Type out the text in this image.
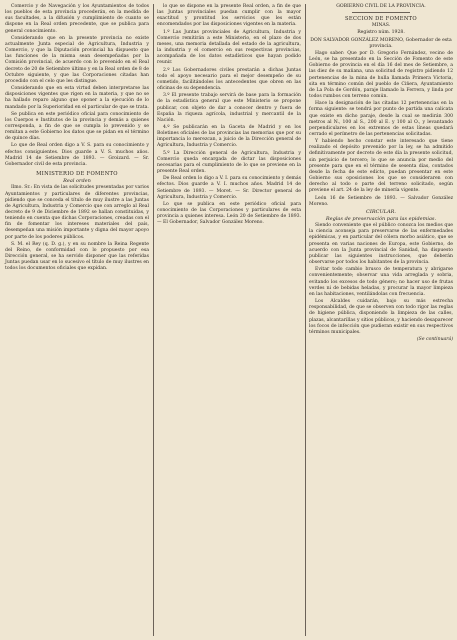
Comercio y de Navegación y los Ayuntamientos de todos los pueblos de esta provincia procederán, en la medida de sus facultades, a la difusión y cumplimiento de cuanto se dispone en la Real orden precedente, que se publica para general conocimiento.

Considerando que en la presente provincia no existe actualmente Junta especial de Agricultura, Industria y Comercio, y que la Diputación provincial ha dispuesto que las funciones de la misma sean desempeñadas por la Comisión provincial, de acuerdo con lo prevenido en el Real decreto de 20 de Setiembre último y en la Real orden de 8 de Octubre siguiente, y que las Corporaciones citadas han procedido con el celo que les distingue.

Considerando que en esta virtud deben interpretarse las disposiciones vigentes que rigen en la materia, y que no se ha hallado reparo alguno que oponer a la ejecución de lo mandado por la Superioridad en el particular de que se trata.

Se publica en este periódico oficial para conocimiento de los Cuerpos e Institutos de la provincia y demás a quienes corresponda, a fin de que se cumpla lo prevenido y se remitan a este Gobierno los datos que se pidan en el término de quince días.

Lo que de Real orden digo a V. S. para su conocimiento y efectos consiguientes. Dios guarde a V. S. muchos años. Madrid 14 de Setiembre de 1893. — Groizard. — Sr. Gobernador civil de esta provincia.

MINISTERIO DE FOMENTO

Real orden

Ilmo. Sr.: En vista de las solicitudes presentadas por varios Ayuntamientos y particulares de diferentes provincias, pidiendo que se conceda el título de muy ilustre a las Juntas de Agricultura, Industria y Comercio que con arreglo al Real decreto de 9 de Diciembre de 1892 se hallan constituidas, y teniendo en cuenta que dichas Corporaciones, creadas con el fin de fomentar los intereses materiales del país, desempeñan una misión importante y digna del mayor apoyo por parte de los poderes públicos.

S. M. el Rey (q. D. g.), y en su nombre la Reina Regente del Reino, de conformidad con lo propuesto por esa Dirección general, se ha servido disponer que las referidas Juntas puedan usar en lo sucesivo el título de muy ilustres en todos los documentos oficiales que expidan.

lo que se dispone en la presente Real orden, a fin de que las Juntas provinciales puedan cumplir con la mayor exactitud y prontitud los servicios que les están encomendados por las disposiciones vigentes en la materia.

1.º Las Juntas provinciales de Agricultura, Industria y Comercio remitirán a este Ministerio, en el plazo de dos meses, una memoria detallada del estado de la agricultura, la industria y el comercio en sus respectivas provincias, acompañada de los datos estadísticos que hayan podido reunir.

2.º Los Gobernadores civiles prestarán a dichas Juntas todo el apoyo necesario para el mejor desempeño de su cometido, facilitándoles los antecedentes que obren en las oficinas de su dependencia.

3.º El presente trabajo servirá de base para la formación de la estadística general que este Ministerio se propone publicar, con objeto de dar a conocer dentro y fuera de España la riqueza agrícola, industrial y mercantil de la Nación.

4.º Se publicarán en la Gaceta de Madrid y en los Boletines oficiales de las provincias las memorias que por su importancia lo merezcan, a juicio de la Dirección general de Agricultura, Industria y Comercio.

5.º La Dirección general de Agricultura, Industria y Comercio queda encargada de dictar las disposiciones necesarias para el cumplimiento de lo que se previene en la presente Real orden.

De Real orden lo digo a V. I. para su conocimiento y demás efectos. Dios guarde a V. I. muchos años. Madrid 14 de Setiembre de 1893. — Moret. — Sr. Director general de Agricultura, Industria y Comercio.

Lo que se publica en este periódico oficial para conocimiento de las Corporaciones y particulares de esta provincia a quienes interesa. León 20 de Setiembre de 1893. — El Gobernador, Salvador González Moreno.

GOBIERNO CIVIL DE LA PROVINCIA.

SECCION DE FOMENTO

MINAS.

Registro núm. 1928.

DON SALVADOR GONZÁLEZ MORENO, Gobernador de esta provincia.

Hago saber: Que por D. Gregorio Fernández, vecino de León, se ha presentado en la Sección de Fomento de este Gobierno de provincia en el día 16 del mes de Setiembre, a las diez de su mañana, una solicitud de registro pidiendo 12 pertenencias de la mina de hulla llamada Primera Victoria, sita en término común del pueblo de Ciñera, Ayuntamiento de La Pola de Gordón, paraje llamado la Ferrera, y linda por todos rumbos con terreno común.

Hace la designación de las citadas 12 pertenencias en la forma siguiente: se tendrá por punto de partida una calicata que existe en dicho paraje, desde la cual se medirán 300 metros al N., 100 al S., 200 al E. y 100 al O., y levantando perpendiculares en los extremos de estas líneas quedará cerrado el perímetro de las pertenencias solicitadas.

Y habiendo hecho constar este interesado que tiene realizado el depósito prevenido por la ley, se ha admitido definitivamente por decreto de este día la presente solicitud, sin perjuicio de tercero; lo que se anuncia por medio del presente para que en el término de sesenta días, contados desde la fecha de este edicto, puedan presentar en este Gobierno sus oposiciones los que se consideraren con derecho al todo o parte del terreno solicitado, según previene el art. 24 de la ley de minería vigente.

León 16 de Setiembre de 1893. — Salvador González Moreno.

CIRCULAR.

Reglas de preservación para las epidemias.

Siendo conveniente que el público conozca los medios que la ciencia aconseja para preservarse de las enfermedades epidémicas, y en particular del cólera morbo asiático, que se presenta en varias naciones de Europa, este Gobierno, de acuerdo con la Junta provincial de Sanidad, ha dispuesto publicar las siguientes instrucciones, que deberán observarse por todos los habitantes de la provincia.

Evitar todo cambio brusco de temperatura y abrigarse convenientemente; observar una vida arreglada y sobria, evitando los excesos de todo género; no hacer uso de frutas verdes ni de bebidas heladas, y procurar la mayor limpieza en las habitaciones, ventilándolas con frecuencia.

Los Alcaldes cuidarán, bajo su más estrecha responsabilidad, de que se observen con todo rigor las reglas de higiene pública, disponiendo la limpieza de las calles, plazas, alcantarillas y sitios públicos, y haciendo desaparecer los focos de infección que pudieran existir en sus respectivos términos municipales.

(Se continuará)
